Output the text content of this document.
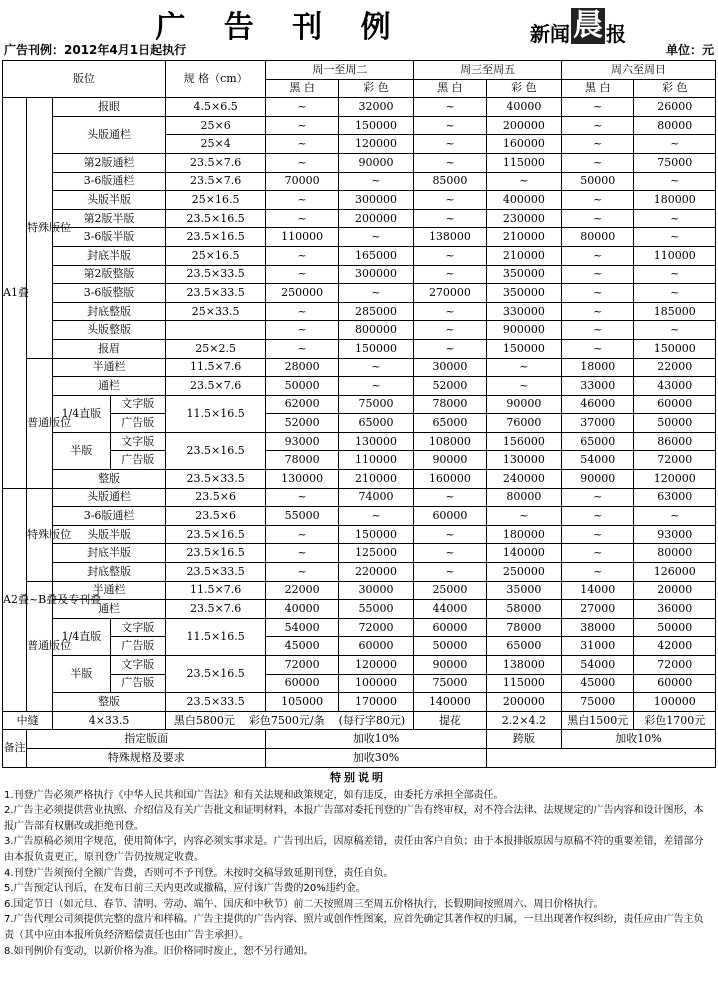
广 告 刊 例	新闻 晨 报
广告刊例：2012年4月1日起执行	单位：元
版位				规 格（cm）	周一至周二		周三至周五		周六至周日	
					黑 白	彩 色	黑 白	彩 色	黑 白	彩 色
A1叠	特殊版位	报眼		4.5×6.5	~	32000	~	40000	~	26000
		头版通栏		25×6	~	150000	~	200000	~	80000
				25×4	~	120000	~	160000	~	~
		第2版通栏		23.5×7.6	~	90000	~	115000	~	75000
		3-6版通栏		23.5×7.6	70000	~	85000	~	50000	~
		头版半版		25×16.5	~	300000	~	400000	~	180000
		第2版半版		23.5×16.5	~	200000	~	230000	~	~
		3-6版半版		23.5×16.5	110000	~	138000	210000	80000	~
		封底半版		25×16.5	~	165000	~	210000	~	110000
		第2版整版		23.5×33.5	~	300000	~	350000	~	~
		3-6版整版		23.5×33.5	250000	~	270000	350000	~	~
		封底整版		25×33.5	~	285000	~	330000	~	185000
		头版整版			~	800000	~	900000	~	~
		报眉		25×2.5	~	150000	~	150000	~	150000
	普通版位	半通栏		11.5×7.6	28000	~	30000	~	18000	22000
		通栏		23.5×7.6	50000	~	52000	~	33000	43000
		1/4直版	文字版	11.5×16.5	62000	75000	78000	90000	46000	60000
			广告版		52000	65000	65000	76000	37000	50000
		半版	文字版	23.5×16.5	93000	130000	108000	156000	65000	86000
			广告版		78000	110000	90000	130000	54000	72000
		整版		23.5×33.5	130000	210000	160000	240000	90000	120000
A2叠~B叠及专刊叠	特殊版位	头版通栏		23.5×6	~	74000	~	80000	~	63000
		3-6版通栏		23.5×6	55000	~	60000	~	~	~
		头版半版		23.5×16.5	~	150000	~	180000	~	93000
		封底半版		23.5×16.5	~	125000	~	140000	~	80000
		封底整版		23.5×33.5	~	220000	~	250000	~	126000
	普通版位	半通栏		11.5×7.6	22000	30000	25000	35000	14000	20000
		通栏		23.5×7.6	40000	55000	44000	58000	27000	36000
		1/4直版	文字版	11.5×16.5	54000	72000	60000	78000	38000	50000
			广告版		45000	60000	50000	65000	31000	42000
		半版	文字版	23.5×16.5	72000	120000	90000	138000	54000	72000
			广告版		60000	100000	75000	115000	45000	60000
		整版		23.5×33.5	105000	170000	140000	200000	75000	100000
中缝		4×33.5		黑白5800元 彩色7500元/条 (每行字80元)			提花	2.2×4.2	黑白1500元	彩色1700元
备注	指定版面				加收10%			跨版	加收10%	
	特殊规格及要求				加收30%					
特别说明

1.刊登广告必须严格执行《中华人民共和国广告法》和有关法规和政策规定，如有违反，由委托方承担全部责任。

2.广告主必须提供营业执照、介绍信及有关广告批文和证明材料，本报广告部对委托刊登的广告有终审权，对不符合法律、法规规定的广告内容和设计图形，本报广告部有权删改或拒绝刊登。

3.广告原稿必须用字规范，使用简体字，内容必须实事求是。广告刊出后，因原稿差错，责任由客户自负；由于本报排版原因与原稿不符的重要差错，差错部分由本报负责更正，原刊登广告仍按规定收费。

4.刊登广告须预付全额广告费，否则可不予刊登。未按时交稿导致延期刊登，责任自负。

5.广告预定认刊后，在发布日前三天内更改或撤稿，应付该广告费的20%违约金。

6.国定节日（如元旦、春节、清明、劳动、端午、国庆和中秋节）前二天按照周三至周五价格执行，长假期间按照周六、周日价格执行。

7.广告代理公司须提供完整的盘片和样稿。广告主提供的广告内容、照片或创作性图案，应首先确定其著作权的归属，一旦出现著作权纠纷，责任应由广告主负责（其中应由本报所负经济赔偿责任也由广告主承担）。

8.如刊例价有变动，以新价格为准。旧价格同时废止，恕不另行通知。
